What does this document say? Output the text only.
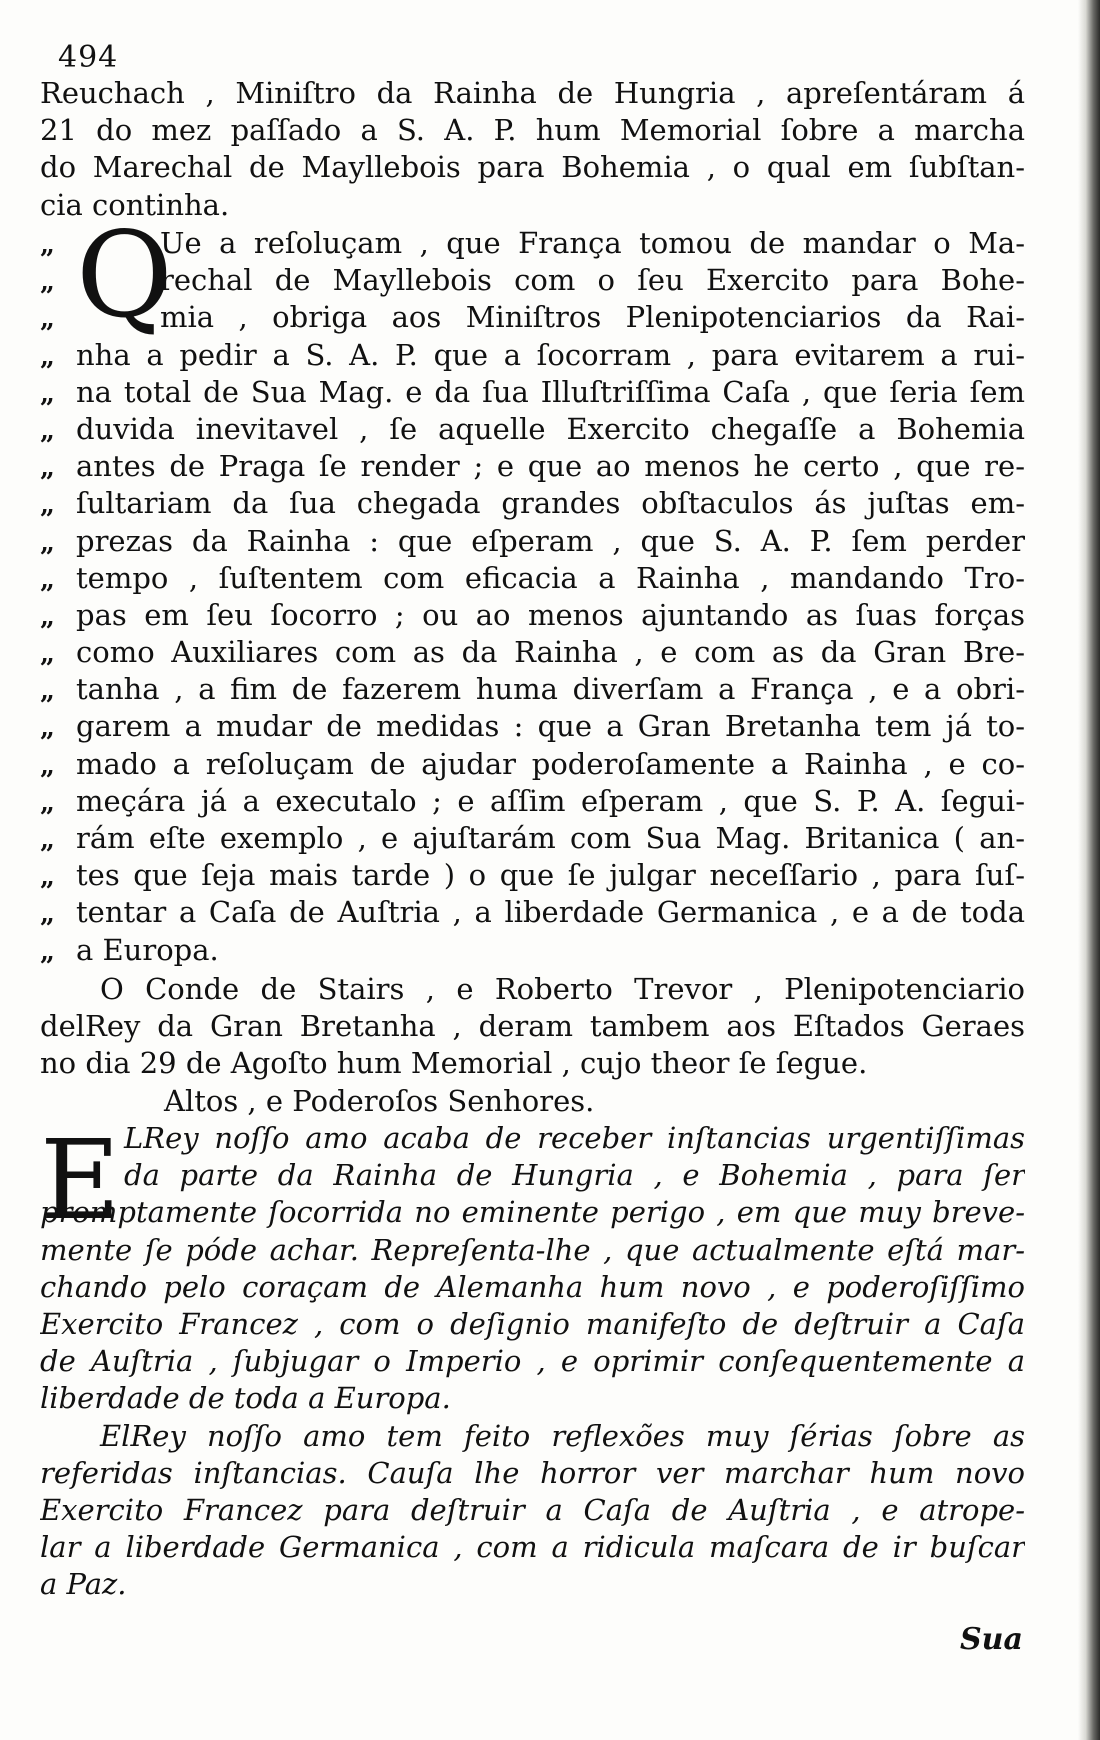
494
Reuchach , Miniſtro da Rainha de Hungria , apreſentáram á
21 do mez paſſado a S. A. P. hum Memorial ſobre a marcha
do Marechal de Mayllebois para Bohemia , o qual em ſubſtan-
cia continha.
Q
„	Ue a reſoluçam , que França tomou de mandar o Ma-
„	rechal de Mayllebois com o ſeu Exercito para Bohe-
„	mia , obriga aos Miniſtros Plenipotenciarios da Rai-
„ nha a pedir a S. A. P. que a ſocorram , para evitarem a rui-
„ na total de Sua Mag. e da ſua Illuſtriſſima Caſa , que ſeria ſem
„ duvida inevitavel , ſe aquelle Exercito chegaſſe a Bohemia
„ antes de Praga ſe render ; e que ao menos he certo , que re-
„ ſultariam da ſua chegada grandes obſtaculos ás juſtas em-
„ prezas da Rainha : que eſperam , que S. A. P. ſem perder
„ tempo , ſuſtentem com eficacia a Rainha , mandando Tro-
„ pas em ſeu ſocorro ; ou ao menos ajuntando as ſuas forças
„ como Auxiliares com as da Rainha , e com as da Gran Bre-
„ tanha , a fim de fazerem huma diverſam a França , e a obri-
„ garem a mudar de medidas : que a Gran Bretanha tem já to-
„ mado a reſoluçam de ajudar poderoſamente a Rainha , e co-
„ meçára já a executalo ; e aſſim eſperam , que S. P. A. ſegui-
„ rám eſte exemplo , e ajuſtarám com Sua Mag. Britanica ( an-
„ tes que ſeja mais tarde ) o que ſe julgar neceſſario , para ſuſ-
„ tentar a Caſa de Auſtria , a liberdade Germanica , e a de toda
„ a Europa.
O Conde de Stairs , e Roberto Trevor , Plenipotenciario
delRey da Gran Bretanha , deram tambem aos Eſtados Geraes
no dia 29 de Agoſto hum Memorial , cujo theor ſe ſegue.
Altos , e Poderoſos Senhores.
E LRey noſſo amo acaba de receber inſtancias urgentiſſimas
da parte da Rainha de Hungria , e Bohemia , para ſer
promptamente ſocorrida no eminente perigo , em que muy breve-
mente ſe póde achar. Repreſenta-lhe , que actualmente eſtá mar-
chando pelo coraçam de Alemanha hum novo , e poderoſiſſimo
Exercito Francez , com o deſignio manifeſto de deſtruir a Caſa
de Auſtria , ſubjugar o Imperio , e oprimir conſequentemente a
liberdade de toda a Europa.
ElRey noſſo amo tem feito reflexões muy ſérias ſobre as
referidas inſtancias. Cauſa lhe horror ver marchar hum novo
Exercito Francez para deſtruir a Caſa de Auſtria , e atrope-
lar a liberdade Germanica , com a ridicula maſcara de ir buſcar
a Paz.
Sua
